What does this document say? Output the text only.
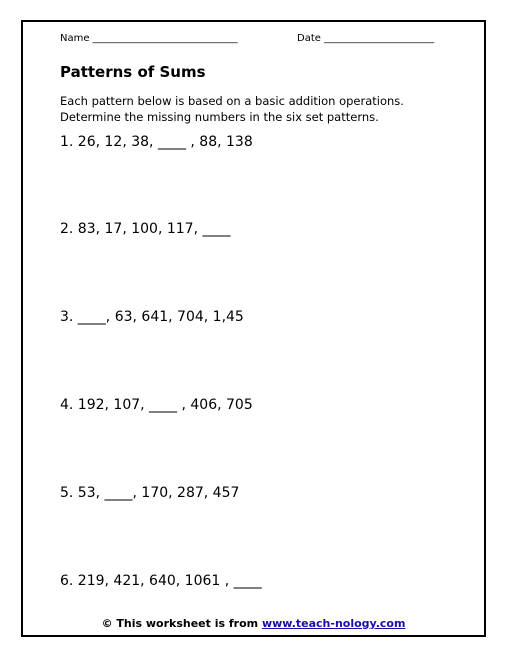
Name _____________________________	Date ______________________
Patterns of Sums

Each pattern below is based on a basic addition operations.

Determine the missing numbers in the six set patterns.

1. 26, 12, 38, ____ , 88, 138
2. 83, 17, 100, 117, ____
3. ____, 63, 641, 704, 1,45
4. 192, 107, ____ , 406, 705
5. 53, ____, 170, 287, 457
6. 219, 421, 640, 1061 , ____
© This worksheet is from www.teach-nology.com
